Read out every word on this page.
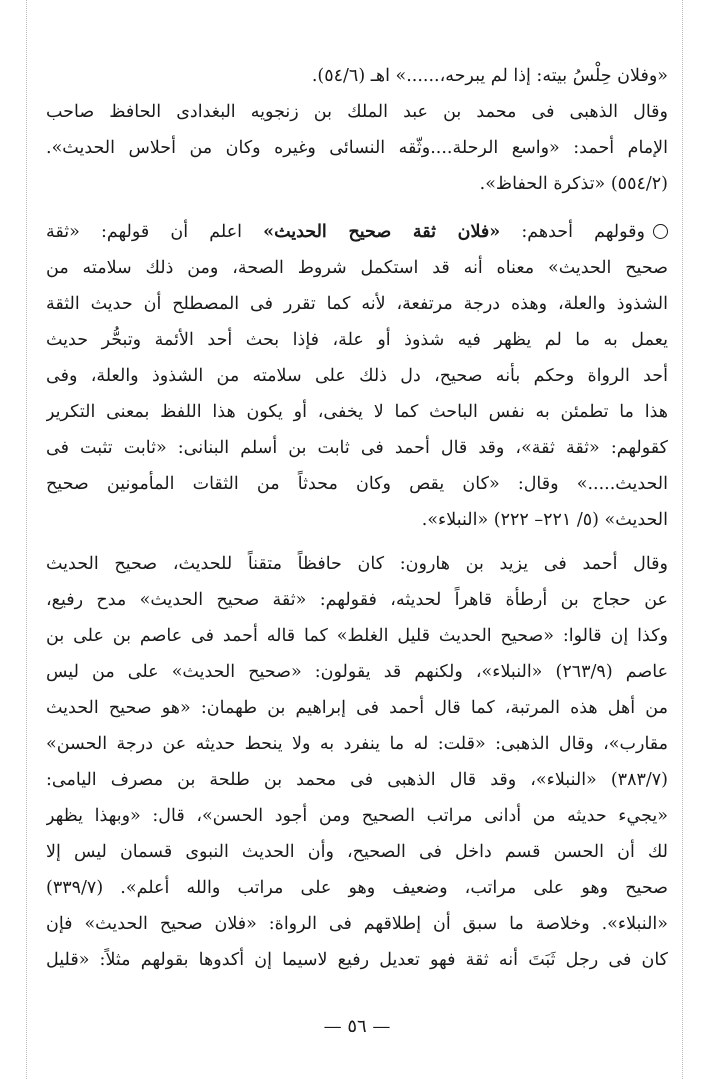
«وفلان حِلْسُ بيته: إذا لم يبرحه،......» اهـ (٥٤/٦).
وقال الذهبى فى محمد بن عبد الملك بن زنجويه البغدادى الحافظ صاحب
الإمام أحمد: «واسع الرحلة....وثّقه النسائى وغيره وكان من أحلاس الحديث».
(٥٥٤/٢) «تذكرة الحفاظ».
وقولهم أحدهم: «فلان ثقة صحيح الحديث» اعلم أن قولهم: «ثقة
صحيح الحديث» معناه أنه قد استكمل شروط الصحة، ومن ذلك سلامته من
الشذوذ والعلة، وهذه درجة مرتفعة، لأنه كما تقرر فى المصطلح أن حديث الثقة
يعمل به ما لم يظهر فيه شذوذ أو علة، فإذا بحث أحد الأئمة وتبحُّر حديث
أحد الرواة وحكم بأنه صحيح، دل ذلك على سلامته من الشذوذ والعلة، وفى
هذا ما تطمئن به نفس الباحث كما لا يخفى، أو يكون هذا اللفظ بمعنى التكرير
كقولهم: «ثقة ثقة»، وقد قال أحمد فى ثابت بن أسلم البنانى: «ثابت تثبت فى
الحديث.....» وقال: «كان يقص وكان محدثاً من الثقات المأمونين صحيح
الحديث» (٥/ ٢٢١– ٢٢٢) «النبلاء».
وقال أحمد فى يزيد بن هارون: كان حافظاً متقناً للحديث، صحيح الحديث
عن حجاج بن أرطأة قاهراً لحديثه، فقولهم: «ثقة صحيح الحديث» مدح رفيع،
وكذا إن قالوا: «صحيح الحديث قليل الغلط» كما قاله أحمد فى عاصم بن على بن
عاصم (٢٦٣/٩) «النبلاء»، ولكنهم قد يقولون: «صحيح الحديث» على من ليس
من أهل هذه المرتبة، كما قال أحمد فى إبراهيم بن طهمان: «هو صحيح الحديث
مقارب»، وقال الذهبى: «قلت: له ما ينفرد به ولا ينحط حديثه عن درجة الحسن»
(٣٨٣/٧) «النبلاء»، وقد قال الذهبى فى محمد بن طلحة بن مصرف اليامى:
«يجيء حديثه من أدانى مراتب الصحيح ومن أجود الحسن»، قال: «وبهذا يظهر
لك أن الحسن قسم داخل فى الصحيح، وأن الحديث النبوى قسمان ليس إلا
صحيح وهو على مراتب، وضعيف وهو على مراتب والله أعلم». (٣٣٩/٧)
«النبلاء». وخلاصة ما سبق أن إطلاقهم فى الرواة: «فلان صحيح الحديث» فإن
كان فى رجل ثَبَتَ أنه ثقة فهو تعديل رفيع لاسيما إن أكدوها بقولهم مثلاً: «قليل
— ٥٦ —
